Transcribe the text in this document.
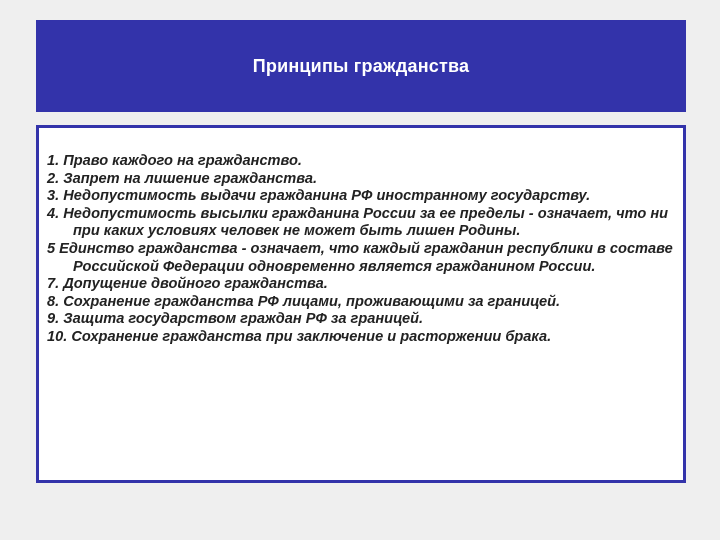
Принципы гражданства
1. Право каждого на гражданство.
2. Запрет на лишение гражданства.
3. Недопустимость выдачи гражданина РФ иностранному государству.
4. Недопустимость высылки гражданина России за ее пределы - означает, что ни при каких условиях человек не может быть лишен Родины.
5 Единство гражданства - означает, что каждый гражданин республики в составе Российской Федерации одновременно является гражданином России.
7. Допущение двойного гражданства.
8. Сохранение гражданства РФ лицами, проживающими за границей.
9. Защита государством граждан РФ за границей.
10. Сохранение гражданства при заключение и расторжении брака.
